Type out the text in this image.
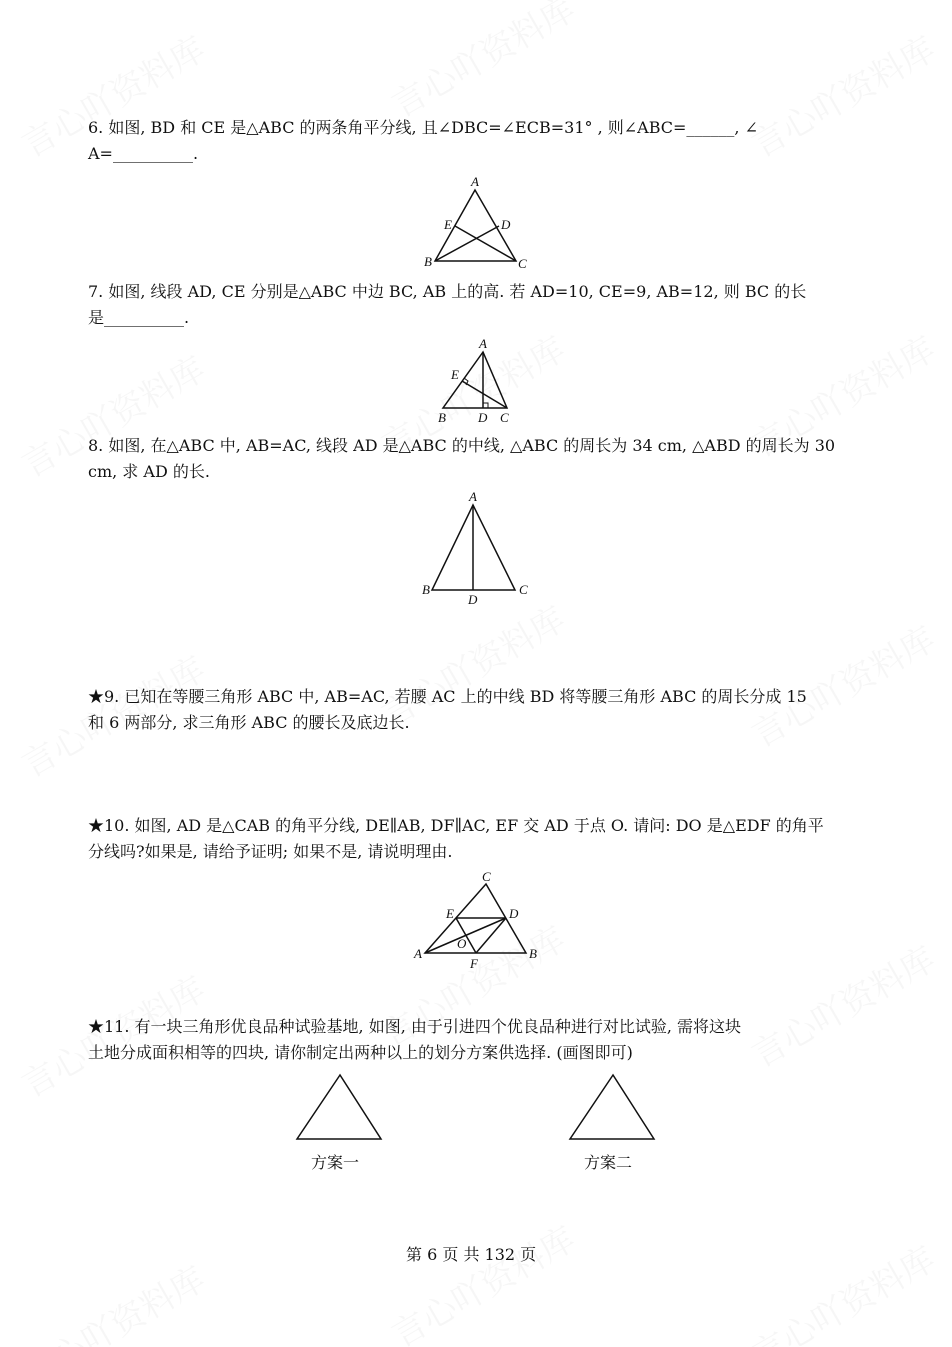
6. 如图, BD 和 CE 是△ABC 的两条角平分线, 且∠DBC=∠ECB=31° , 则∠ABC=______, ∠
A=__________.
7. 如图, 线段 AD, CE 分别是△ABC 中边 BC, AB 上的高. 若 AD=10, CE=9, AB=12, 则 BC 的长
是__________.
8. 如图, 在△ABC 中, AB=AC, 线段 AD 是△ABC 的中线, △ABC 的周长为 34 cm, △ABD 的周长为 30
cm, 求 AD 的长.
★9. 已知在等腰三角形 ABC 中, AB=AC, 若腰 AC 上的中线 BD 将等腰三角形 ABC 的周长分成 15
和 6 两部分, 求三角形 ABC 的腰长及底边长.
★10. 如图, AD 是△CAB 的角平分线, DE∥AB, DF∥AC, EF 交 AD 于点 O. 请问: DO 是△EDF 的角平
分线吗?如果是, 请给予证明; 如果不是, 请说明理由.
★11. 有一块三角形优良品种试验基地, 如图, 由于引进四个优良品种进行对比试验, 需将这块
土地分成面积相等的四块, 请你制定出两种以上的划分方案供选择. (画图即可)
方案一	方案二
第 6 页 共 132 页
A
E	D
B	C
A
E
B D C
A
B	C
D
C
E	D
A
O
F
B
